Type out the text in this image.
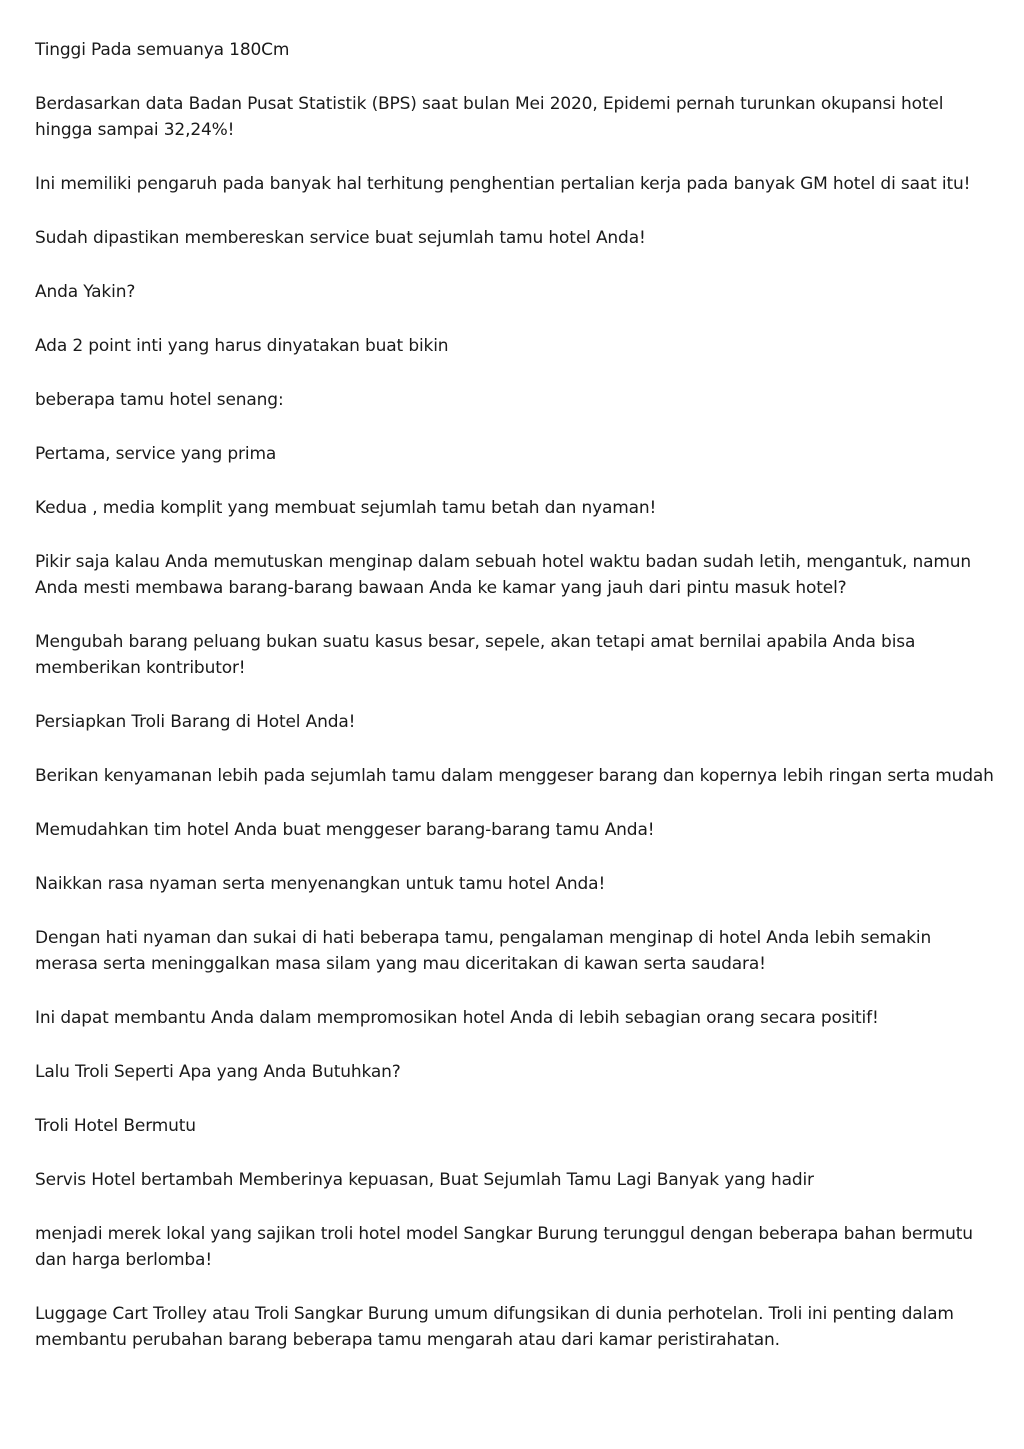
Tinggi Pada semuanya 180Cm

Berdasarkan data Badan Pusat Statistik (BPS) saat bulan Mei 2020, Epidemi pernah turunkan okupansi hotel hingga sampai 32,24%!

Ini memiliki pengaruh pada banyak hal terhitung penghentian pertalian kerja pada banyak GM hotel di saat itu!

Sudah dipastikan membereskan service buat sejumlah tamu hotel Anda!

Anda Yakin?

Ada 2 point inti yang harus dinyatakan buat bikin

beberapa tamu hotel senang:

Pertama, service yang prima

Kedua , media komplit yang membuat sejumlah tamu betah dan nyaman!

Pikir saja kalau Anda memutuskan menginap dalam sebuah hotel waktu badan sudah letih, mengantuk, namun Anda mesti membawa barang-barang bawaan Anda ke kamar yang jauh dari pintu masuk hotel?

Mengubah barang peluang bukan suatu kasus besar, sepele, akan tetapi amat bernilai apabila Anda bisa memberikan kontributor!

Persiapkan Troli Barang di Hotel Anda!

Berikan kenyamanan lebih pada sejumlah tamu dalam menggeser barang dan kopernya lebih ringan serta mudah

Memudahkan tim hotel Anda buat menggeser barang-barang tamu Anda!

Naikkan rasa nyaman serta menyenangkan untuk tamu hotel Anda!

Dengan hati nyaman dan sukai di hati beberapa tamu, pengalaman menginap di hotel Anda lebih semakin merasa serta meninggalkan masa silam yang mau diceritakan di kawan serta saudara!

Ini dapat membantu Anda dalam mempromosikan hotel Anda di lebih sebagian orang secara positif!

Lalu Troli Seperti Apa yang Anda Butuhkan?

Troli Hotel Bermutu

Servis Hotel bertambah Memberinya kepuasan, Buat Sejumlah Tamu Lagi Banyak yang hadir

menjadi merek lokal yang sajikan troli hotel model Sangkar Burung terunggul dengan beberapa bahan bermutu dan harga berlomba!

Luggage Cart Trolley atau Troli Sangkar Burung umum difungsikan di dunia perhotelan. Troli ini penting dalam membantu perubahan barang beberapa tamu mengarah atau dari kamar peristirahatan.
